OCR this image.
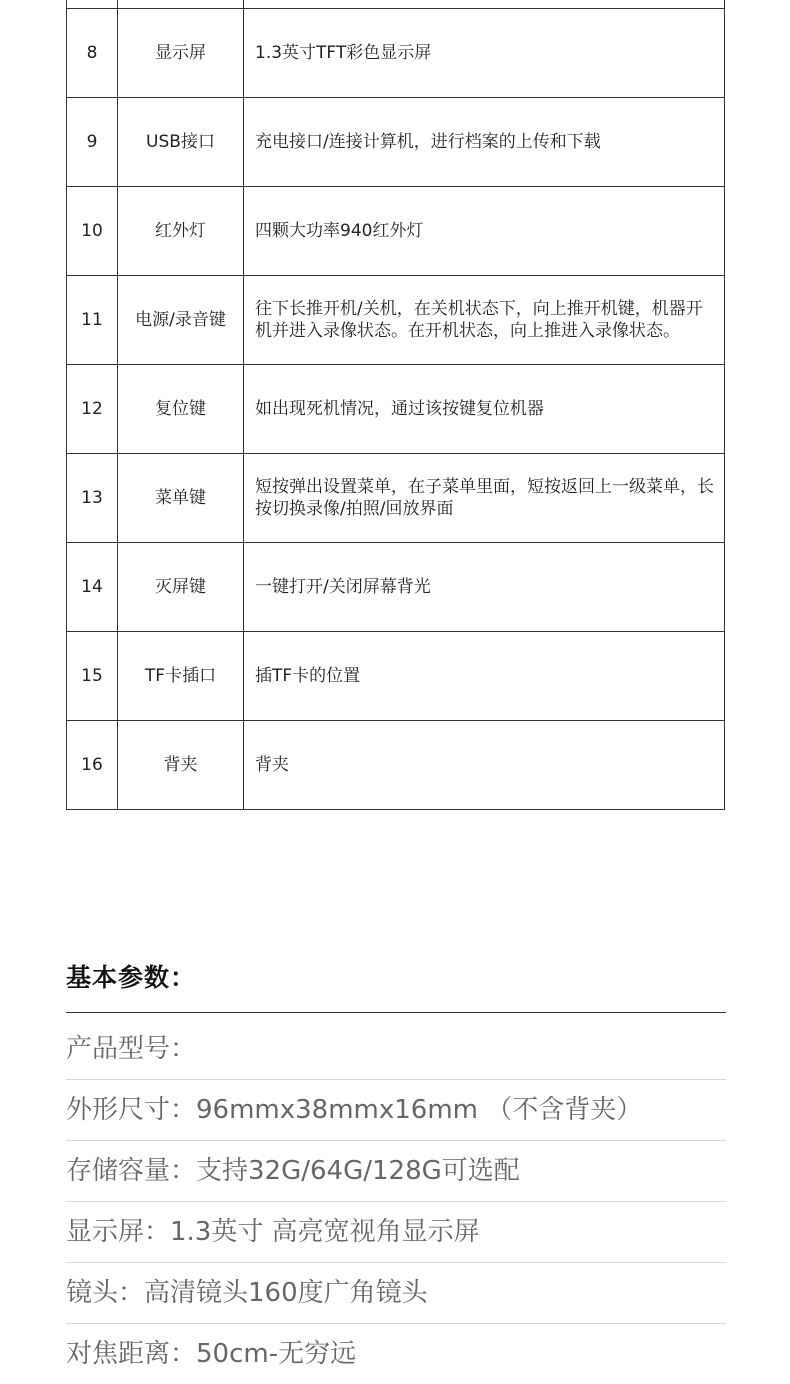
8	显示屏	1.3英寸TFT彩色显示屏
9	USB接口	充电接口/连接计算机，进行档案的上传和下载
10	红外灯	四颗大功率940红外灯
11	电源/录音键	往下长推开机/关机，在关机状态下，向上推开机键，机器开机并进入录像状态。在开机状态，向上推进入录像状态。
12	复位键	如出现死机情况，通过该按键复位机器
13	菜单键	短按弹出设置菜单，在子菜单里面，短按返回上一级菜单，长按切换录像/拍照/回放界面
14	灭屏键	一键打开/关闭屏幕背光
15	TF卡插口	插TF卡的位置
16	背夹	背夹
基本参数：
产品型号：
外形尺寸：96mmx38mmx16mm （不含背夹）
存储容量：支持32G/64G/128G可选配
显示屏：1.3英寸 高亮宽视角显示屏
镜头：高清镜头160度广角镜头
对焦距离：50cm-无穷远
